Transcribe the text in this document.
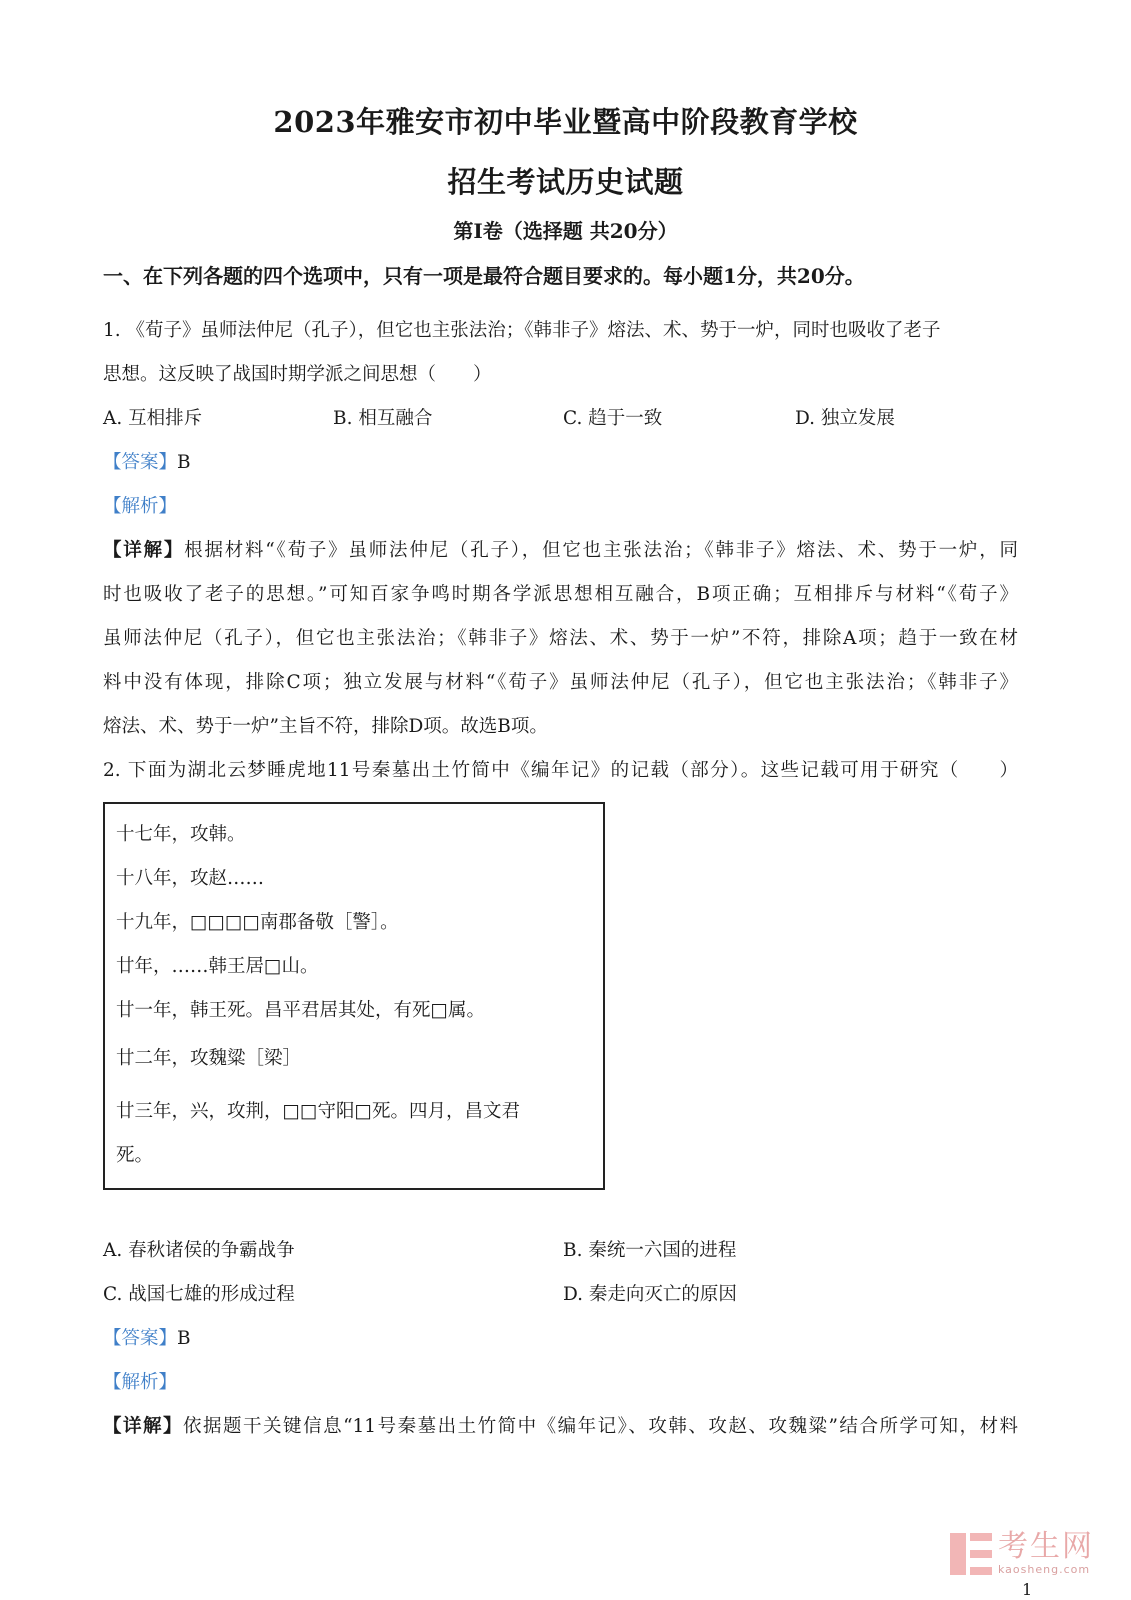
2023年雅安市初中毕业暨高中阶段教育学校
招生考试历史试题
第I卷（选择题 共20分）
一、在下列各题的四个选项中，只有一项是最符合题目要求的。每小题1分，共20分。
1. 《荀子》虽师法仲尼（孔子），但它也主张法治；《韩非子》熔法、术、势于一炉，同时也吸收了老子
思想。这反映了战国时期学派之间思想（　　）
A. 互相排斥	B. 相互融合	C. 趋于一致	D. 独立发展
【答案】B
【解析】
【详解】根据材料“《荀子》虽师法仲尼（孔子），但它也主张法治；《韩非子》熔法、术、势于一炉，同
时也吸收了老子的思想。”可知百家争鸣时期各学派思想相互融合，B项正确；互相排斥与材料“《荀子》
虽师法仲尼（孔子），但它也主张法治；《韩非子》熔法、术、势于一炉”不符，排除A项；趋于一致在材
料中没有体现，排除C项；独立发展与材料“《荀子》虽师法仲尼（孔子），但它也主张法治；《韩非子》
熔法、术、势于一炉”主旨不符，排除D项。故选B项。
2. 下面为湖北云梦睡虎地11号秦墓出土竹简中《编年记》的记载（部分）。这些记载可用于研究（　　）
十七年，攻韩。
十八年，攻赵……
十九年，□□□□南郡备敬［警］。
廿年，……韩王居□山。
廿一年，韩王死。昌平君居其处，有死□属。
廿二年，攻魏粱［梁］
廿三年，兴，攻荆，□□守阳□死。四月，昌文君
死。
A. 春秋诸侯的争霸战争	B. 秦统一六国的进程
C. 战国七雄的形成过程	D. 秦走向灭亡的原因
【答案】B
【解析】
【详解】依据题干关键信息“11号秦墓出土竹简中《编年记》、攻韩、攻赵、攻魏粱”结合所学可知，材料
考生网
kaosheng.com
1
